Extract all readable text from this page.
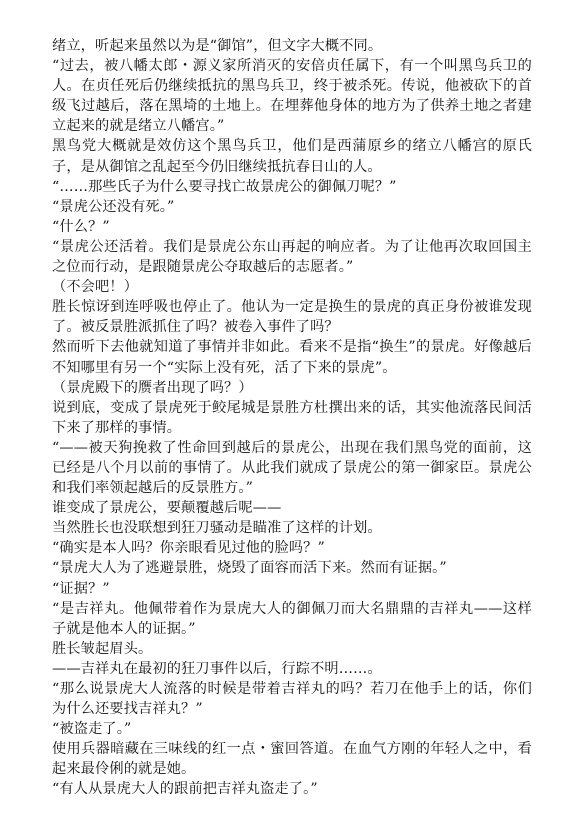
绪立，听起来虽然以为是“御馆”，但文字大概不同。

“过去，被八幡太郎・源义家所消灭的安倍贞任属下，有一个叫黑鸟兵卫的人。在贞任死后仍继续抵抗的黑鸟兵卫，终于被杀死。传说，他被砍下的首级飞过越后，落在黑埼的土地上。在埋葬他身体的地方为了供养土地之者建立起来的就是绪立八幡宫。”

黑鸟党大概就是效仿这个黑鸟兵卫，他们是西蒲原乡的绪立八幡宫的原氏子，是从御馆之乱起至今仍旧继续抵抗春日山的人。

“……那些氏子为什么要寻找亡故景虎公的御佩刀呢？”

“景虎公还没有死。”

“什么？”

“景虎公还活着。我们是景虎公东山再起的响应者。为了让他再次取回国主之位而行动，是跟随景虎公夺取越后的志愿者。”

（不会吧！）

胜长惊讶到连呼吸也停止了。他认为一定是换生的景虎的真正身份被谁发现了。被反景胜派抓住了吗？被卷入事件了吗？

然而听下去他就知道了事情并非如此。看来不是指“换生”的景虎。好像越后不知哪里有另一个“实际上没有死，活了下来的景虎”。

（景虎殿下的赝者出现了吗？）

说到底，变成了景虎死于鲛尾城是景胜方杜撰出来的话，其实他流落民间活下来了那样的事情。

“——被天狗挽救了性命回到越后的景虎公，出现在我们黑鸟党的面前，这已经是八个月以前的事情了。从此我们就成了景虎公的第一御家臣。景虎公和我们率领起越后的反景胜方。”

谁变成了景虎公，要颠覆越后呢——

当然胜长也没联想到狂刀骚动是瞄准了这样的计划。

“确实是本人吗？你亲眼看见过他的脸吗？”

“景虎大人为了逃避景胜，烧毁了面容而活下来。然而有证据。”

“证据？”

“是吉祥丸。他佩带着作为景虎大人的御佩刀而大名鼎鼎的吉祥丸——这样子就是他本人的证据。”

胜长皱起眉头。

——吉祥丸在最初的狂刀事件以后，行踪不明……。

“那么说景虎大人流落的时候是带着吉祥丸的吗？若刀在他手上的话，你们为什么还要找吉祥丸？”

“被盗走了。”

使用兵器暗藏在三味线的红一点・蜜回答道。在血气方刚的年轻人之中，看起来最伶俐的就是她。

“有人从景虎大人的跟前把吉祥丸盗走了。”
